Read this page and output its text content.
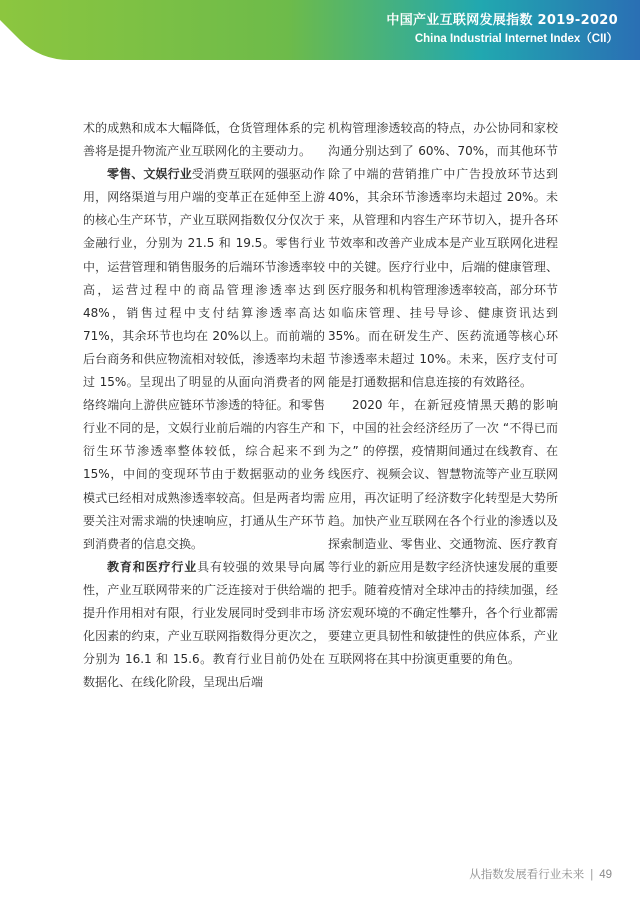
中国产业互联网发展指数 2019-2020
China Industrial Internet Index（CII）

术的成熟和成本大幅降低，仓货管理体系的完善将是提升物流产业互联网化的主要动力。

零售、文娱行业受消费互联网的强驱动作用，网络渠道与用户端的变革正在延伸至上游的核心生产环节，产业互联网指数仅分仅次于金融行业，分别为 21.5 和 19.5。零售行业中，运营管理和销售服务的后端环节渗透率较高，运营过程中的商品管理渗透率达到 48%，销售过程中支付结算渗透率高达 71%，其余环节也均在 20%以上。而前端的后台商务和供应物流相对较低，渗透率均未超过 15%。呈现出了明显的从面向消费者的网络终端向上游供应链环节渗透的特征。和零售行业不同的是，文娱行业前后端的内容生产和衍生环节渗透率整体较低，综合起来不到 15%，中间的变现环节由于数据驱动的业务模式已经相对成熟渗透率较高。但是两者均需要关注对需求端的快速响应，打通从生产环节到消费者的信息交换。

教育和医疗行业具有较强的效果导向属性，产业互联网带来的广泛连接对于供给端的提升作用相对有限，行业发展同时受到非市场化因素的约束，产业互联网指数得分更次之，分别为 16.1 和 15.6。教育行业目前仍处在数据化、在线化阶段，呈现出后端

机构管理渗透较高的特点，办公协同和家校沟通分别达到了 60%、70%，而其他环节除了中端的营销推广中广告投放环节达到 40%，其余环节渗透率均未超过 20%。未来，从管理和内容生产环节切入，提升各环节效率和改善产业成本是产业互联网化进程中的关键。医疗行业中，后端的健康管理、医疗服务和机构管理渗透率较高，部分环节如临床管理、挂号导诊、健康资讯达到 35%。而在研发生产、医药流通等核心环节渗透率未超过 10%。未来，医疗支付可能是打通数据和信息连接的有效路径。

2020 年，在新冠疫情黑天鹅的影响下，中国的社会经济经历了一次 “不得已而为之” 的停摆，疫情期间通过在线教育、在线医疗、视频会议、智慧物流等产业互联网应用，再次证明了经济数字化转型是大势所趋。加快产业互联网在各个行业的渗透以及探索制造业、零售业、交通物流、医疗教育等行业的新应用是数字经济快速发展的重要把手。随着疫情对全球冲击的持续加强，经济宏观环境的不确定性攀升，各个行业都需要建立更具韧性和敏捷性的供应体系，产业互联网将在其中扮演更重要的角色。

从指数发展看行业未来 | 49
